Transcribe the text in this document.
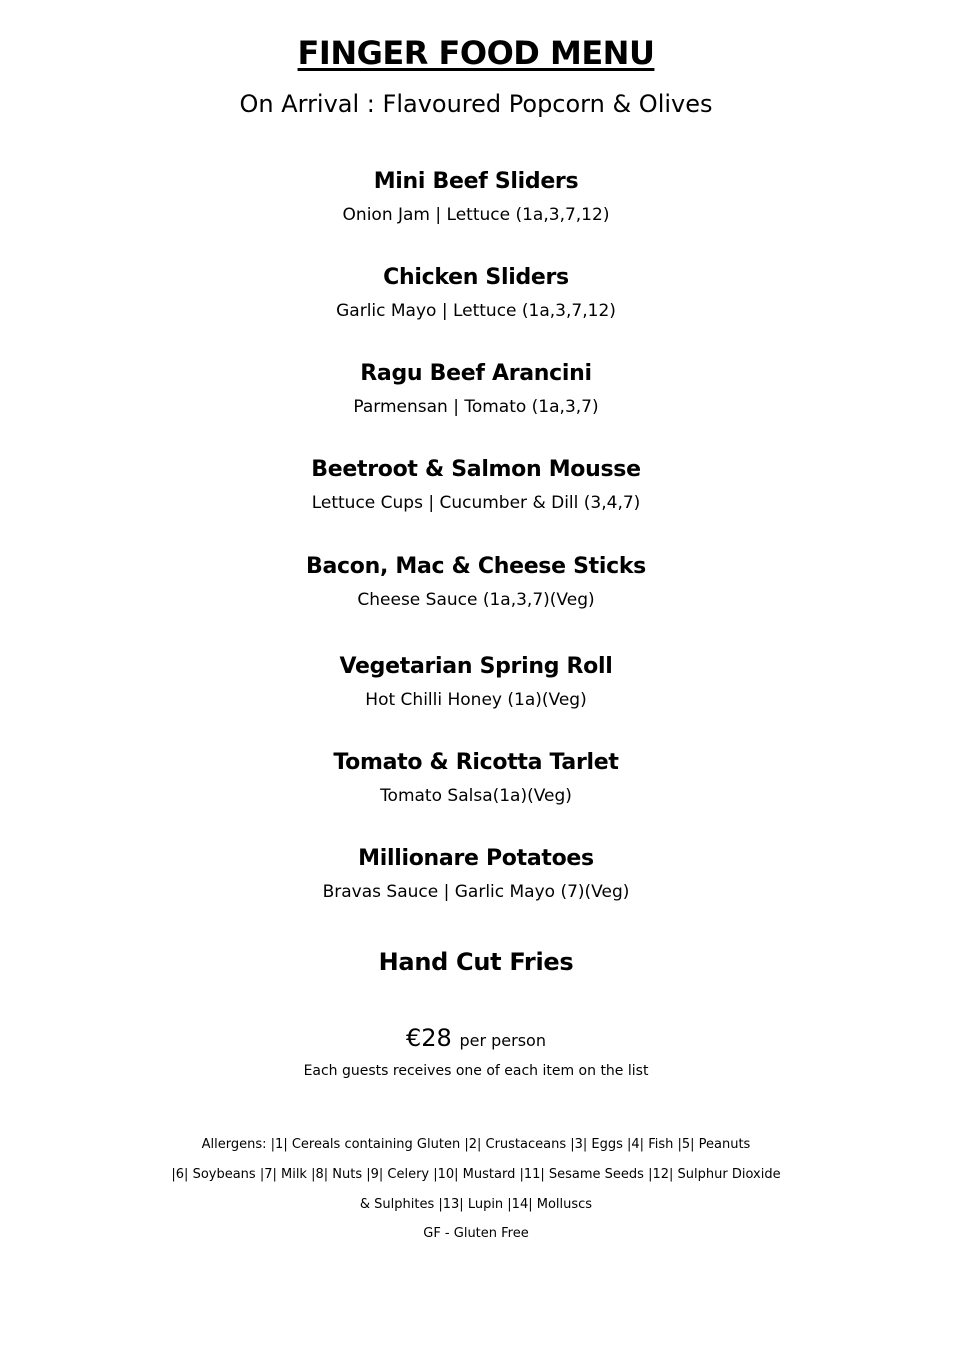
FINGER FOOD MENU
On Arrival : Flavoured Popcorn & Olives
Mini Beef Sliders
Onion Jam | Lettuce (1a,3,7,12)
Chicken Sliders
Garlic Mayo | Lettuce (1a,3,7,12)
Ragu Beef Arancini
Parmensan | Tomato (1a,3,7)
Beetroot & Salmon Mousse
Lettuce Cups | Cucumber & Dill (3,4,7)
Bacon, Mac & Cheese Sticks
Cheese Sauce (1a,3,7)(Veg)
Vegetarian Spring Roll
Hot Chilli Honey (1a)(Veg)
Tomato & Ricotta Tarlet
Tomato Salsa(1a)(Veg)
Millionare Potatoes
Bravas Sauce | Garlic Mayo (7)(Veg)
Hand Cut Fries
€28 per person
Each guests receives one of each item on the list
Allergens: |1| Cereals containing Gluten |2| Crustaceans |3| Eggs |4| Fish |5| Peanuts
|6| Soybeans |7| Milk |8| Nuts |9| Celery |10| Mustard |11| Sesame Seeds |12| Sulphur Dioxide
& Sulphites |13| Lupin |14| Molluscs
GF - Gluten Free
